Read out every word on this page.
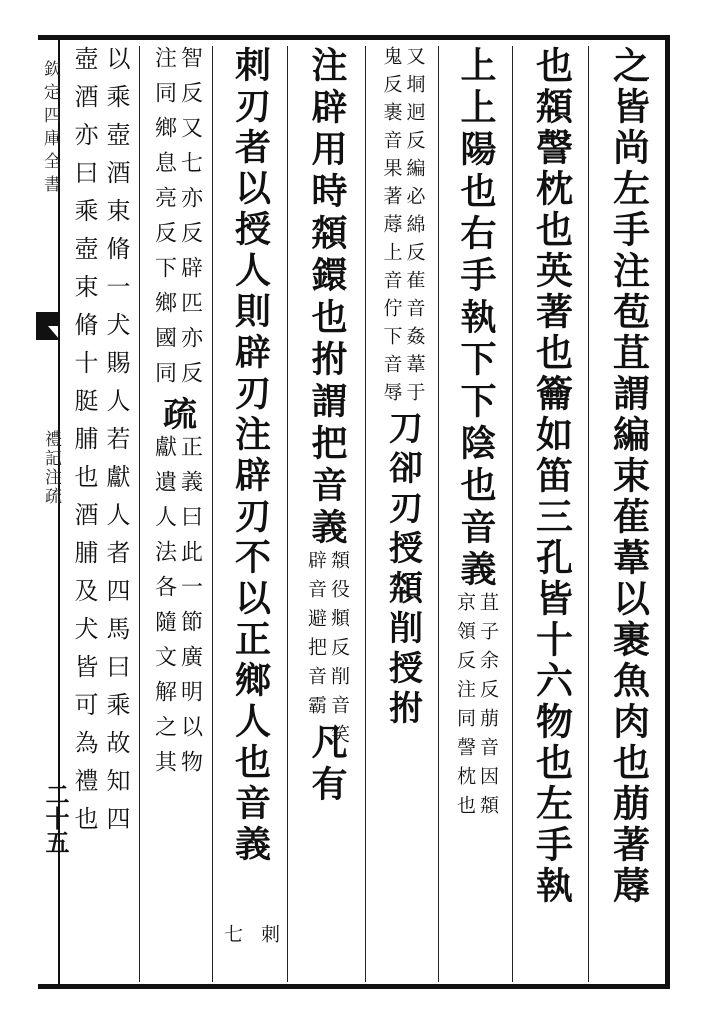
欽定四庫全書
禮記注疏
二十五	之皆尚左手注苞苴謂編束萑葦以裹魚肉也萠著蓐
也頮謦枕也英著也籥如笛三孔皆十六物也左手執
上上陽也右手執下下陰也音義
苴子余反萠音因頮
京領反注同謦枕也
又垌迥反編必綿反萑音姦葦于
鬼反裹音果著蓐上音佇下音辱
刀卻刃授頮削授拊
注辟用時頮鐶也拊謂把音義
頮役頫反削音笑
辟音避把音霸
凡有
刺刃者以授人則辟刃注辟刃不以正鄉人也音義
刺
七
智反又七亦反辟匹亦反
注同鄉息亮反下鄉國同
疏
正義曰此一節廣明以物
獻遺人法各隨文解之其
以乘壺酒束脩一犬賜人若獻人者四馬曰乘故知四
壺酒亦曰乘壺束脩十脡脯也酒脯及犬皆可為禮也
